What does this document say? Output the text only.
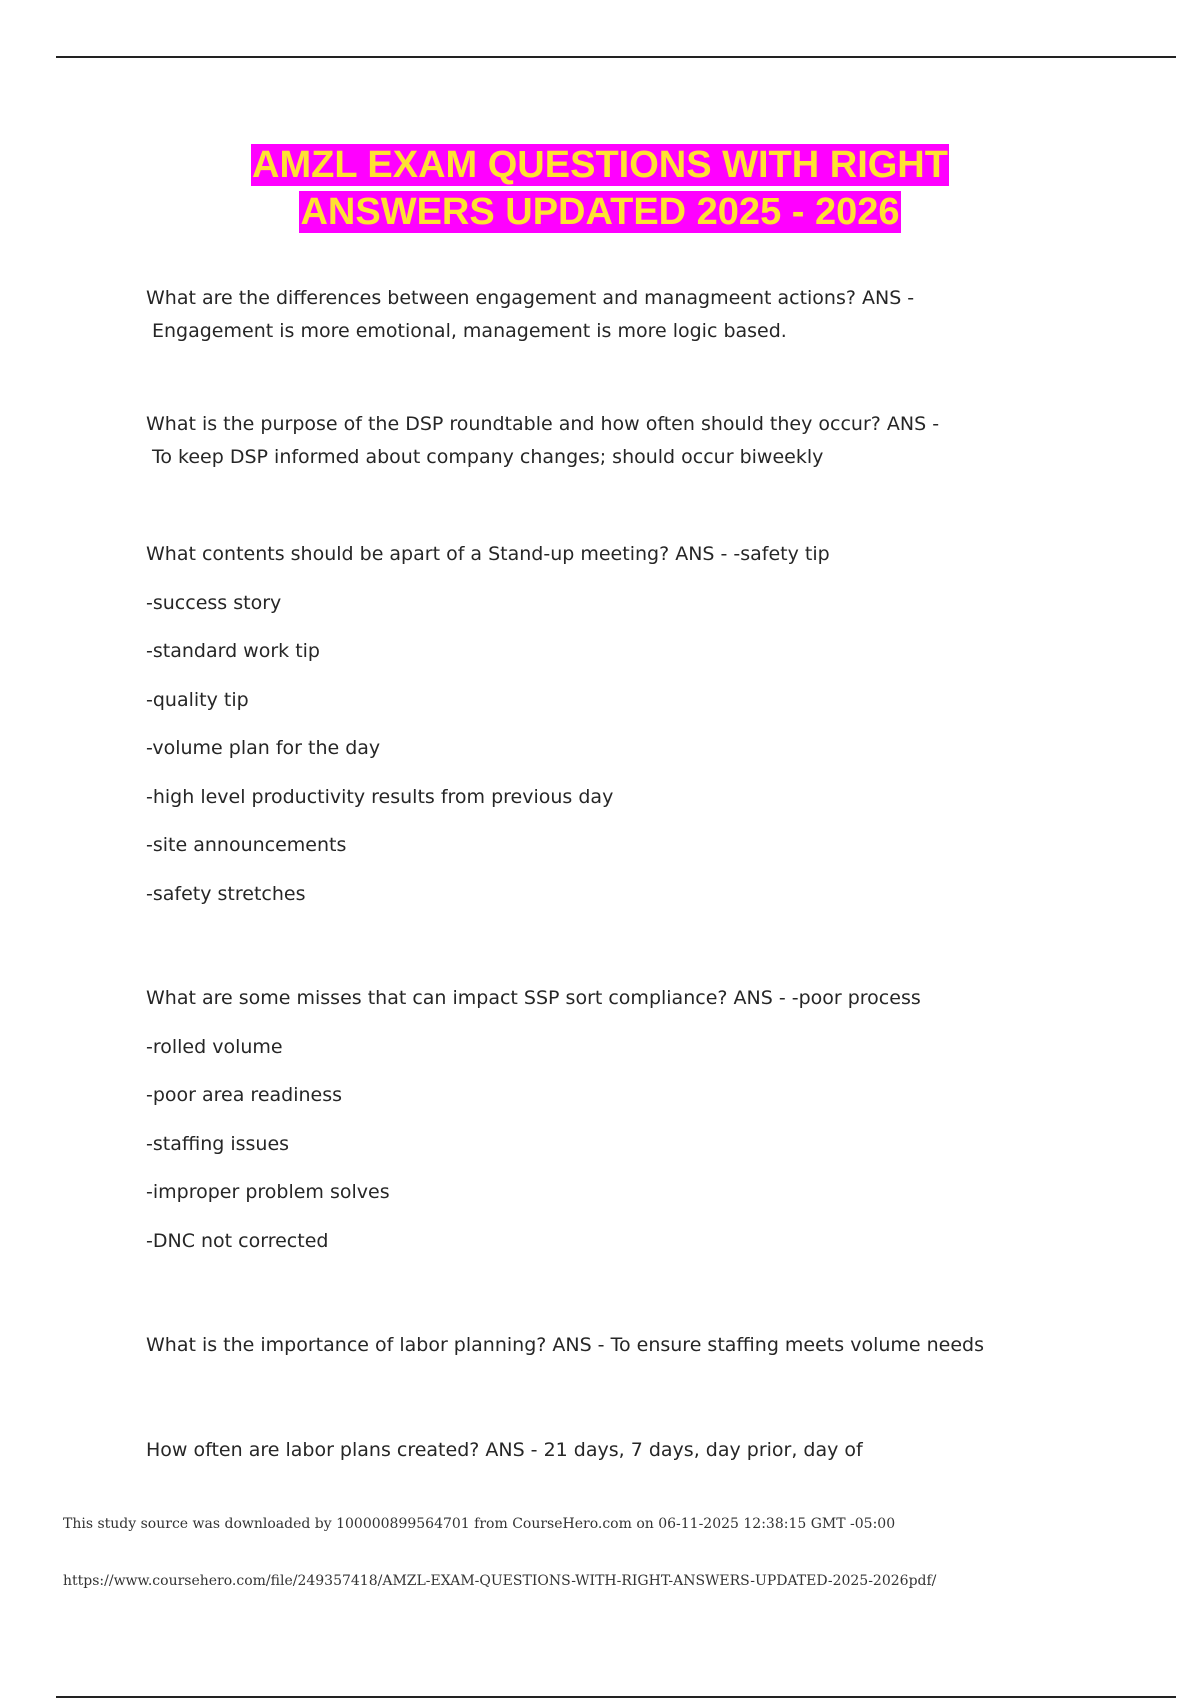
AMZL EXAM QUESTIONS WITH RIGHT
ANSWERS UPDATED 2025 - 2026

What are the differences between engagement and managmeent actions? ANS -

Engagement is more emotional, management is more logic based.

What is the purpose of the DSP roundtable and how often should they occur? ANS -

To keep DSP informed about company changes; should occur biweekly

What contents should be apart of a Stand-up meeting? ANS - -safety tip

-success story

-standard work tip

-quality tip

-volume plan for the day

-high level productivity results from previous day

-site announcements

-safety stretches

What are some misses that can impact SSP sort compliance? ANS - -poor process

-rolled volume

-poor area readiness

-staffing issues

-improper problem solves

-DNC not corrected

What is the importance of labor planning? ANS - To ensure staffing meets volume needs

How often are labor plans created? ANS - 21 days, 7 days, day prior, day of

This study source was downloaded by 100000899564701 from CourseHero.com on 06-11-2025 12:38:15 GMT -05:00
https://www.coursehero.com/file/249357418/AMZL-EXAM-QUESTIONS-WITH-RIGHT-ANSWERS-UPDATED-2025-2026pdf/
